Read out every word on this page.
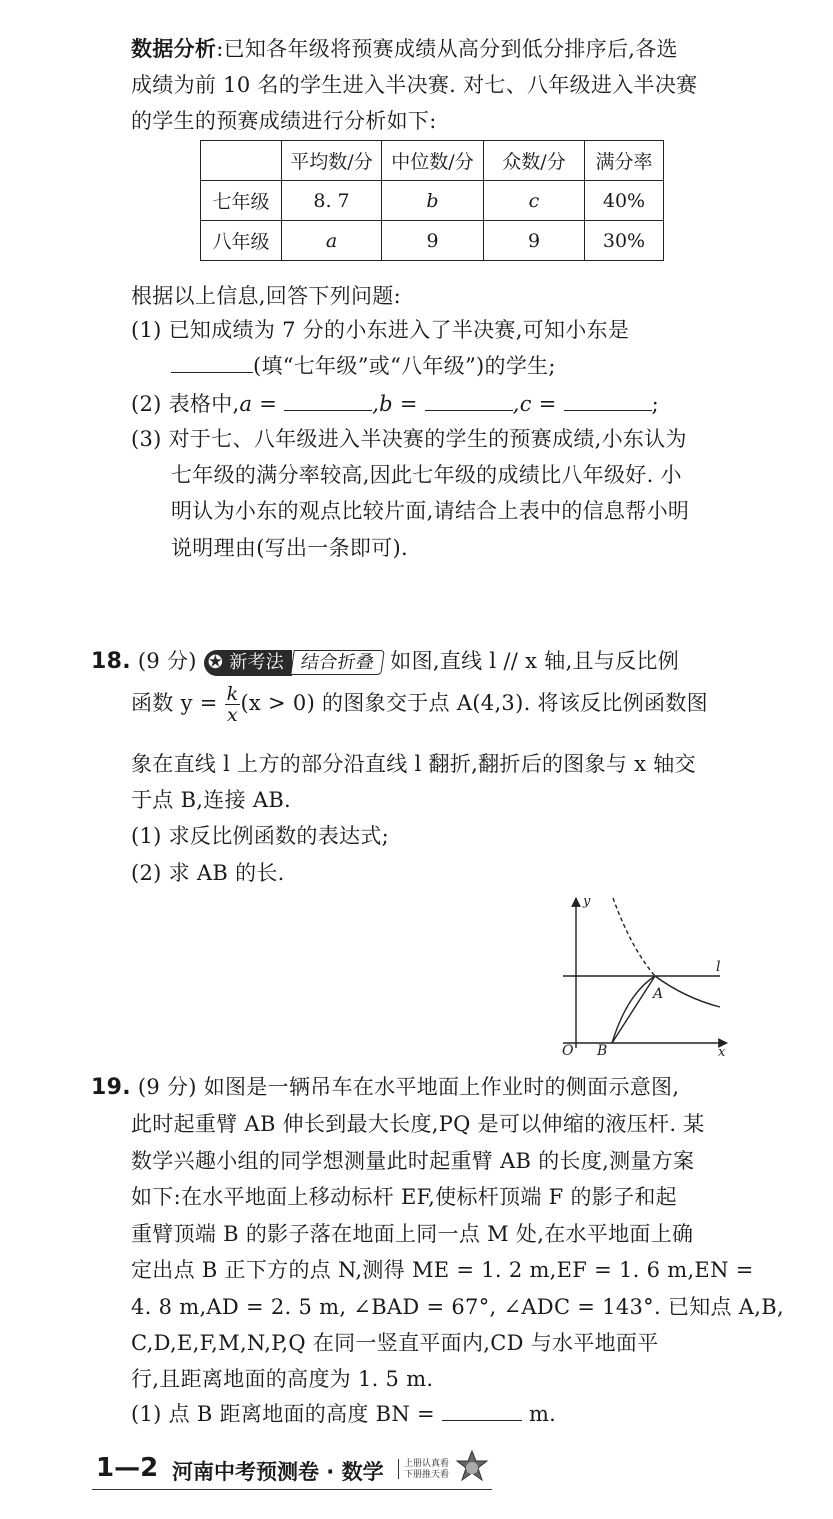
数据分析:已知各年级将预赛成绩从高分到低分排序后,各选
成绩为前 10 名的学生进入半决赛. 对七、八年级进入半决赛
的学生的预赛成绩进行分析如下:
	平均数/分	中位数/分	众数/分	满分率
七年级	8. 7	b	c	40%
八年级	a	9	9	30%
根据以上信息,回答下列问题:
(1) 已知成绩为 7 分的小东进入了半决赛,可知小东是
(填“七年级”或“八年级”)的学生;
(2) 表格中,a =	,b =	,c =	;
(3) 对于七、八年级进入半决赛的学生的预赛成绩,小东认为
七年级的满分率较高,因此七年级的成绩比八年级好. 小
明认为小东的观点比较片面,请结合上表中的信息帮小明
说明理由(写出一条即可).
18. (9 分) ✪ 新考法 结合折叠 如图,直线 l // x 轴,且与反比例
函数 $y = \frac{k}{x} (x > 0)$ 的图象交于点 A(4,3). 将该反比例函数图
象在直线 l 上方的部分沿直线 l 翻折,翻折后的图象与 x 轴交
于点 B,连接 AB.
(1) 求反比例函数的表达式;
(2) 求 AB 的长.
y
x
O B
A
l
19. (9 分) 如图是一辆吊车在水平地面上作业时的侧面示意图,
此时起重臂 AB 伸长到最大长度,PQ 是可以伸缩的液压杆. 某
数学兴趣小组的同学想测量此时起重臂 AB 的长度,测量方案
如下:在水平地面上移动标杆 EF,使标杆顶端 F 的影子和起
重臂顶端 B 的影子落在地面上同一点 M 处,在水平地面上确
定出点 B 正下方的点 N,测得 ME = 1. 2 m,EF = 1. 6 m,EN =
4. 8 m,AD = 2. 5 m, ∠BAD = 67°, ∠ADC = 143°. 已知点 A,B,
C,D,E,F,M,N,P,Q 在同一竖直平面内,CD 与水平地面平
行,且距离地面的高度为 1. 5 m.
(1) 点 B 距离地面的高度 BN =	m.
1—2 河南中考预测卷 · 数学 上册认真看
下册推天看
